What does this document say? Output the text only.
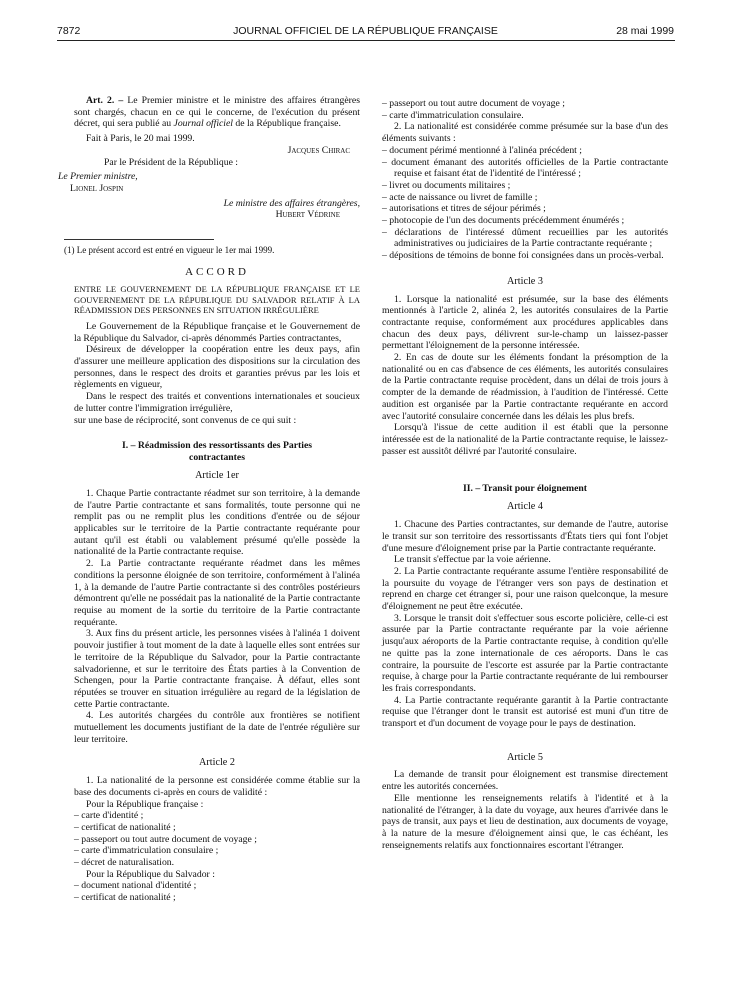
7872	JOURNAL OFFICIEL DE LA RÉPUBLIQUE FRANÇAISE	28 mai 1999

Art. 2. – Le Premier ministre et le ministre des affaires étrangères sont chargés, chacun en ce qui le concerne, de l'exécution du présent décret, qui sera publié au Journal officiel de la République française.

Fait à Paris, le 20 mai 1999.

Jacques Chirac

Par le Président de la République :

Le Premier ministre,

Lionel Jospin

Le ministre des affaires étrangères,

Hubert Védrine

(1) Le présent accord est entré en vigueur le 1er mai 1999.

ACCORD

ENTRE LE GOUVERNEMENT DE LA RÉPUBLIQUE FRANÇAISE ET LE GOUVERNEMENT DE LA RÉPUBLIQUE DU SALVADOR RELATIF À LA RÉADMISSION DES PERSONNES EN SITUATION IRRÉGULIÈRE

Le Gouvernement de la République française et le Gouvernement de la République du Salvador, ci-après dénommés Parties contractantes,

Désireux de développer la coopération entre les deux pays, afin d'assurer une meilleure application des dispositions sur la circulation des personnes, dans le respect des droits et garanties prévus par les lois et règlements en vigueur,

Dans le respect des traités et conventions internationales et soucieux de lutter contre l'immigration irrégulière,

sur une base de réciprocité, sont convenus de ce qui suit :

I. – Réadmission des ressortissants des Parties contractantes

Article 1er

1. Chaque Partie contractante réadmet sur son territoire, à la demande de l'autre Partie contractante et sans formalités, toute personne qui ne remplit pas ou ne remplit plus les conditions d'entrée ou de séjour applicables sur le territoire de la Partie contractante requérante pour autant qu'il est établi ou valablement présumé qu'elle possède la nationalité de la Partie contractante requise.

2. La Partie contractante requérante réadmet dans les mêmes conditions la personne éloignée de son territoire, conformément à l'alinéa 1, à la demande de l'autre Partie contractante si des contrôles postérieurs démontrent qu'elle ne possédait pas la nationalité de la Partie contractante requise au moment de la sortie du territoire de la Partie contractante requérante.

3. Aux fins du présent article, les personnes visées à l'alinéa 1 doivent pouvoir justifier à tout moment de la date à laquelle elles sont entrées sur le territoire de la République du Salvador, pour la Partie contractante salvadorienne, et sur le territoire des États parties à la Convention de Schengen, pour la Partie contractante française. À défaut, elles sont réputées se trouver en situation irrégulière au regard de la législation de cette Partie contractante.

4. Les autorités chargées du contrôle aux frontières se notifient mutuellement les documents justifiant de la date de l'entrée régulière sur leur territoire.

Article 2

1. La nationalité de la personne est considérée comme établie sur la base des documents ci-après en cours de validité :

Pour la République française :

– carte d'identité ;

– certificat de nationalité ;

– passeport ou tout autre document de voyage ;

– carte d'immatriculation consulaire ;

– décret de naturalisation.

Pour la République du Salvador :

– document national d'identité ;

– certificat de nationalité ;

– passeport ou tout autre document de voyage ;

– carte d'immatriculation consulaire.

2. La nationalité est considérée comme présumée sur la base d'un des éléments suivants :

– document périmé mentionné à l'alinéa précédent ;

– document émanant des autorités officielles de la Partie contractante requise et faisant état de l'identité de l'intéressé ;

– livret ou documents militaires ;

– acte de naissance ou livret de famille ;

– autorisations et titres de séjour périmés ;

– photocopie de l'un des documents précédemment énumérés ;

– déclarations de l'intéressé dûment recueillies par les autorités administratives ou judiciaires de la Partie contractante requérante ;

– dépositions de témoins de bonne foi consignées dans un procès-verbal.

Article 3

1. Lorsque la nationalité est présumée, sur la base des éléments mentionnés à l'article 2, alinéa 2, les autorités consulaires de la Partie contractante requise, conformément aux procédures applicables dans chacun des deux pays, délivrent sur-le-champ un laissez-passer permettant l'éloignement de la personne intéressée.

2. En cas de doute sur les éléments fondant la présomption de la nationalité ou en cas d'absence de ces éléments, les autorités consulaires de la Partie contractante requise procèdent, dans un délai de trois jours à compter de la demande de réadmission, à l'audition de l'intéressé. Cette audition est organisée par la Partie contractante requérante en accord avec l'autorité consulaire concernée dans les délais les plus brefs.

Lorsqu'à l'issue de cette audition il est établi que la personne intéressée est de la nationalité de la Partie contractante requise, le laissez-passer est aussitôt délivré par l'autorité consulaire.

II. – Transit pour éloignement

Article 4

1. Chacune des Parties contractantes, sur demande de l'autre, autorise le transit sur son territoire des ressortissants d'États tiers qui font l'objet d'une mesure d'éloignement prise par la Partie contractante requérante.

Le transit s'effectue par la voie aérienne.

2. La Partie contractante requérante assume l'entière responsabilité de la poursuite du voyage de l'étranger vers son pays de destination et reprend en charge cet étranger si, pour une raison quelconque, la mesure d'éloignement ne peut être exécutée.

3. Lorsque le transit doit s'effectuer sous escorte policière, celle-ci est assurée par la Partie contractante requérante par la voie aérienne jusqu'aux aéroports de la Partie contractante requise, à condition qu'elle ne quitte pas la zone internationale de ces aéroports. Dans le cas contraire, la poursuite de l'escorte est assurée par la Partie contractante requise, à charge pour la Partie contractante requérante de lui rembourser les frais correspondants.

4. La Partie contractante requérante garantit à la Partie contractante requise que l'étranger dont le transit est autorisé est muni d'un titre de transport et d'un document de voyage pour le pays de destination.

Article 5

La demande de transit pour éloignement est transmise directement entre les autorités concernées.

Elle mentionne les renseignements relatifs à l'identité et à la nationalité de l'étranger, à la date du voyage, aux heures d'arrivée dans le pays de transit, aux pays et lieu de destination, aux documents de voyage, à la nature de la mesure d'éloignement ainsi que, le cas échéant, les renseignements relatifs aux fonctionnaires escortant l'étranger.
